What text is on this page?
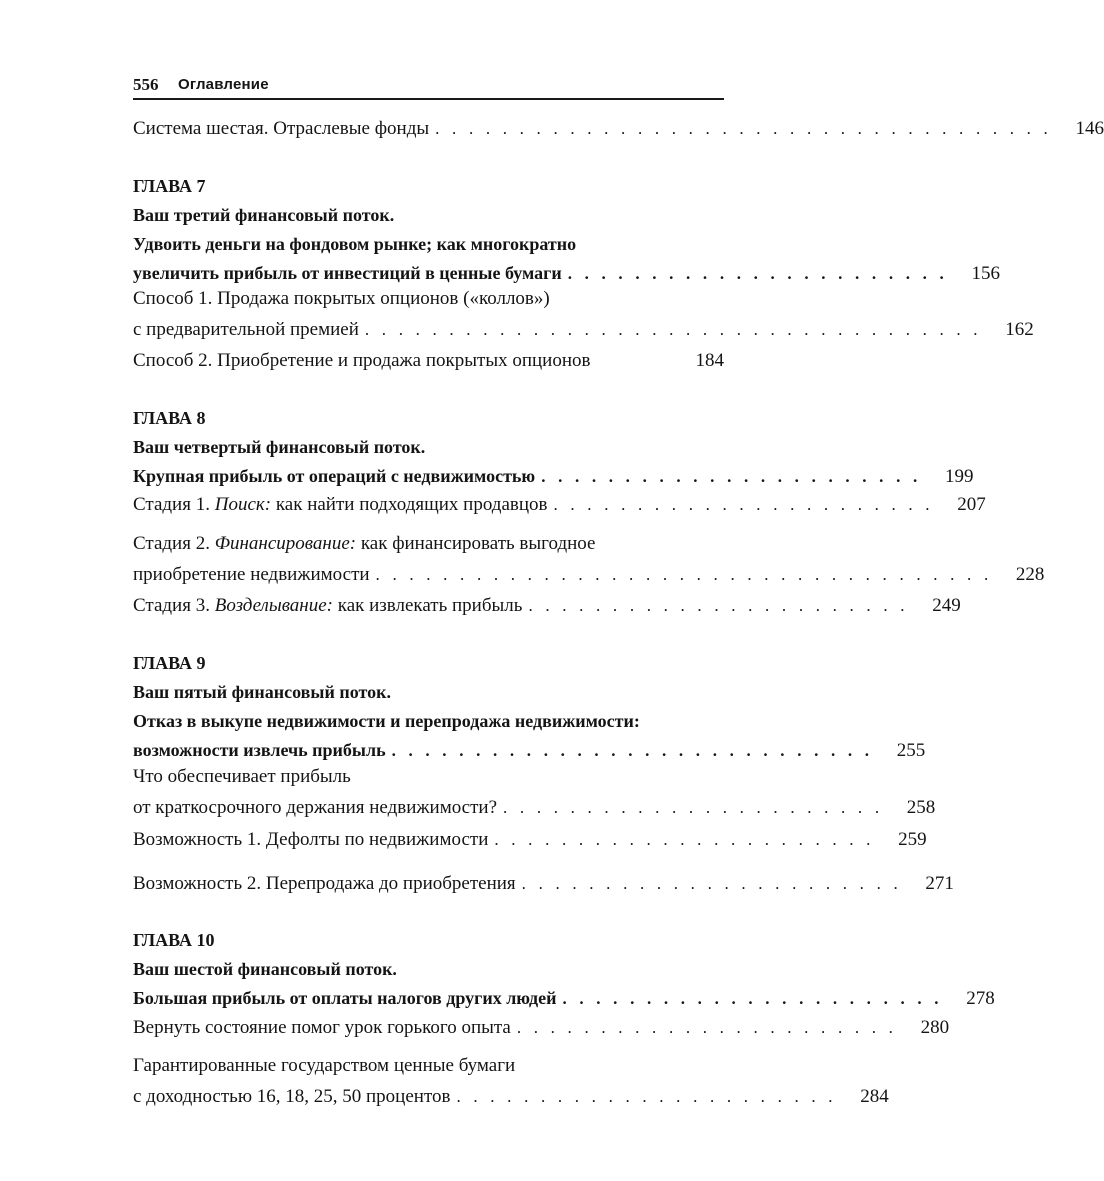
556 Оглавление
Система шестая. Отраслевые фонды . . . . . . . . . . . . . . . . . . . . . . . . . . . . . . . . . . . . .	146
ГЛАВА 7
Ваш третий финансовый поток.
Удвоить деньги на фондовом рынке; как многократно
увеличить прибыль от инвестиций в ценные бумаги . . . . . . . . . . . . . . . . . . . . . . .	156
Способ 1. Продажа покрытых опционов («коллов»)
с предварительной премией . . . . . . . . . . . . . . . . . . . . . . . . . . . . . . . . . . . . .	162
Способ 2. Приобретение и продажа покрытых опционов	184
ГЛАВА 8
Ваш четвертый финансовый поток.
Крупная прибыль от операций с недвижимостью . . . . . . . . . . . . . . . . . . . . . . .	199
Стадия 1. Поиск: как найти подходящих продавцов . . . . . . . . . . . . . . . . . . . . . . .	207
Стадия 2. Финансирование: как финансировать выгодное
приобретение недвижимости . . . . . . . . . . . . . . . . . . . . . . . . . . . . . . . . . . . . .	228
Стадия 3. Возделывание: как извлекать прибыль . . . . . . . . . . . . . . . . . . . . . . .	249
ГЛАВА 9
Ваш пятый финансовый поток.
Отказ в выкупе недвижимости и перепродажа недвижимости:
возможности извлечь прибыль . . . . . . . . . . . . . . . . . . . . . . . . . . . . .	255
Что обеспечивает прибыль
от краткосрочного держания недвижимости? . . . . . . . . . . . . . . . . . . . . . . .	258
Возможность 1. Дефолты по недвижимости . . . . . . . . . . . . . . . . . . . . . . .	259
Возможность 2. Перепродажа до приобретения . . . . . . . . . . . . . . . . . . . . . . .	271
ГЛАВА 10
Ваш шестой финансовый поток.
Большая прибыль от оплаты налогов других людей . . . . . . . . . . . . . . . . . . . . . . .	278
Вернуть состояние помог урок горького опыта . . . . . . . . . . . . . . . . . . . . . . .	280
Гарантированные государством ценные бумаги
с доходностью 16, 18, 25, 50 процентов . . . . . . . . . . . . . . . . . . . . . . .	284
